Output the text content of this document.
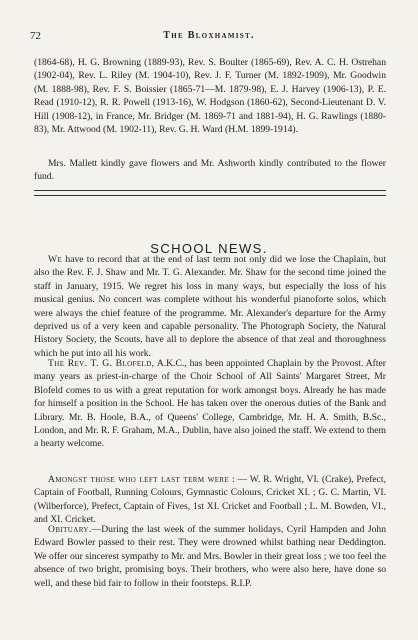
72	The Bloxhamist.

(1864-68), H. G. Browning (1889-93), Rev. S. Boulter (1865-69), Rev. A. C. H. Ostrehan (1902-04), Rev. L. Riley (M. 1904-10), Rev. J. F. Turner (M. 1892-1909), Mr. Goodwin (M. 1888-98), Rev. F. S. Boissier (1865-71—M. 1879-98), E. J. Harvey (1906-13), P. E. Read (1910-12), R. R. Powell (1913-16), W. Hodgson (1860-62), Second-Lieutenant D. V. Hill (1908-12), in France, Mr. Bridger (M. 1869-71 and 1881-94), H. G. Rawlings (1880-83), Mr. Attwood (M. 1902-11), Rev. G. H. Ward (H.M. 1899-1914).

Mrs. Mallett kindly gave flowers and Mr. Ashworth kindly contributed to the flower fund.

SCHOOL NEWS.

We have to record that at the end of last term not only did we lose the Chaplain, but also the Rev. F. J. Shaw and Mr. T. G. Alexander. Mr. Shaw for the second time joined the staff in January, 1915. We regret his loss in many ways, but especially the loss of his musical genius. No concert was complete without his wonderful pianoforte solos, which were always the chief feature of the programme. Mr. Alexander's departure for the Army deprived us of a very keen and capable personality. The Photograph Society, the Natural History Society, the Scouts, have all to deplore the absence of that zeal and thoroughness which he put into all his work.

The Rev. T. G. Blofeld, A.K.C., has been appointed Chaplain by the Provost. After many years as priest-in-charge of the Choir School of All Saints' Margaret Street, Mr Blofeld comes to us with a great reputation for work amongst boys. Already he has made for himself a position in the School. He has taken over the onerous duties of the Bank and Library. Mr. B. Hoole, B.A., of Queens' College, Cambridge, Mr. H. A. Smith, B.Sc., London, and Mr. R. F. Graham, M.A., Dublin, have also joined the staff. We extend to them a hearty welcome.

Amongst those who left last term were : — W. R. Wright, VI. (Crake), Prefect, Captain of Football, Running Colours, Gymnastic Colours, Cricket XI. ; G. C. Martin, VI. (Wilberforce), Prefect, Captain of Fives, 1st XI. Cricket and Football ; L. M. Bowden, VI., and XI. Cricket.

Obituary.—During the last week of the summer holidays, Cyril Hampden and John Edward Bowler passed to their rest. They were drowned whilst bathing near Deddington. We offer our sincerest sympathy to Mr. and Mrs. Bowler in their great loss ; we too feel the absence of two bright, promising boys. Their brothers, who were also here, have done so well, and these bid fair to follow in their footsteps. R.I.P.
